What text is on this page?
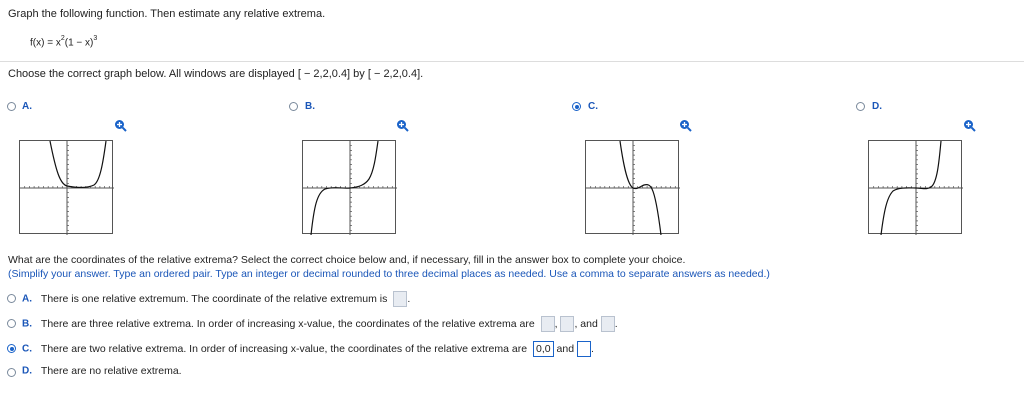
Graph the following function. Then estimate any relative extrema.
$f(x) = x^2(1 - x)^3$
Choose the correct graph below. All windows are displayed [ − 2,2,0.4] by [ − 2,2,0.4].
A.	B.	C.	D.
What are the coordinates of the relative extrema? Select the correct choice below and, if necessary, fill in the answer box to complete your choice.
(Simplify your answer. Type an ordered pair. Type an integer or decimal rounded to three decimal places as needed. Use a comma to separate answers as needed.)
A. There is one relative extremum. The coordinate of the relative extremum is .
B. There are three relative extrema. In order of increasing x-value, the coordinates of the relative extrema are , , and .
C. There are two relative extrema. In order of increasing x-value, the coordinates of the relative extrema are 0,0 and .
D. There are no relative extrema.
